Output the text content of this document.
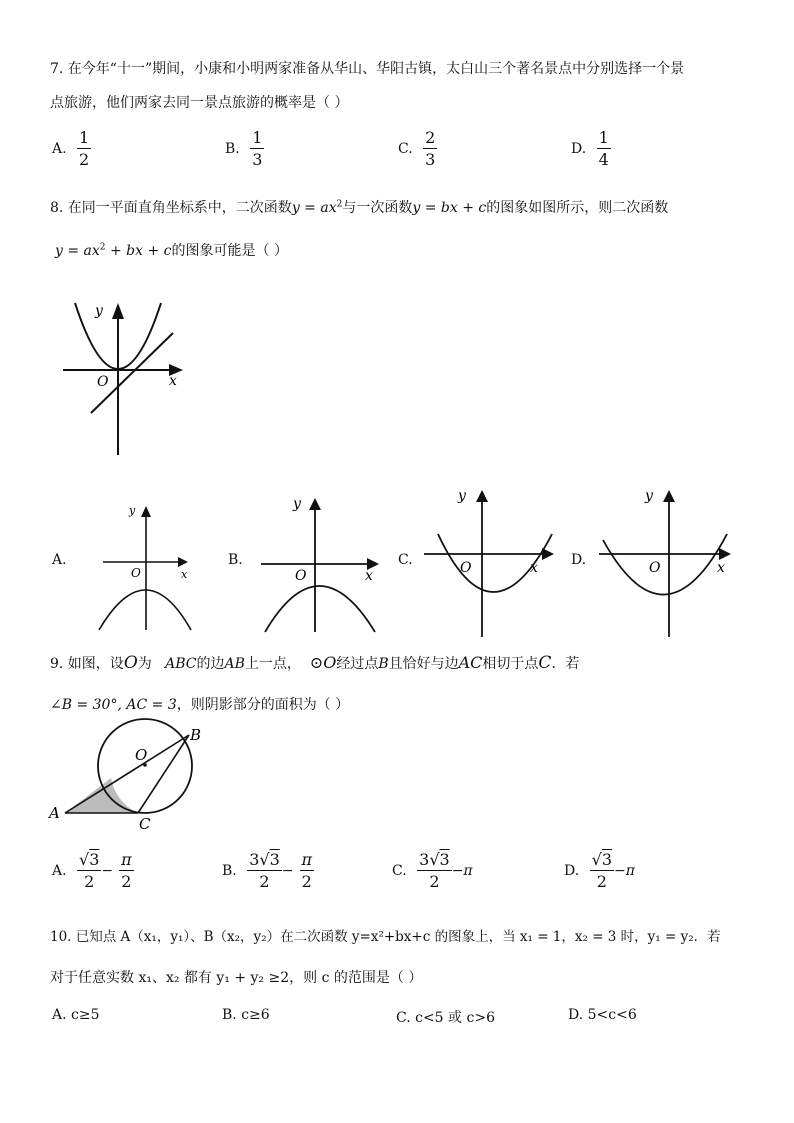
7. 在今年“十一”期间，小康和小明两家准备从华山、华阳古镇，太白山三个著名景点中分别选择一个景
点旅游，他们两家去同一景点旅游的概率是（ ）
A. $\frac{1}{2}$	B. $\frac{1}{3}$	C. $\frac{2}{3}$	D. $\frac{1}{4}$
8. 在同一平面直角坐标系中，二次函数$y = ax^2$与一次函数y = bx + c的图象如图所示，则二次函数
$y = ax^2$ + bx + c的图象可能是（ ）
y
x
O
A.
y
x
O
B.
y
x
O
C.
y
x
O	D.
y
x
O
9. 如图，设O为 ABC的边AB上一点， ⊙O经过点B且恰好与边AC相切于点C．若
∠B = 30°, AC = 3，则阴影部分的面积为（ ）
O
B
A
C
A. $\frac{√3}{2} - \frac{\pi}{2}$	B. $\frac{3√3}{2} - \frac{\pi}{2}$	C. $\frac{3√3}{2} -\pi$	D. $\frac{√3}{2} -\pi$
10. 已知点 A（x₁，y₁）、B（x₂，y₂）在二次函数 y=x²+bx+c 的图象上，当 x₁ = 1，x₂ = 3 时，y₁ = y₂．若
对于任意实数 x₁、x₂ 都有 y₁ + y₂ ≥2，则 c 的范围是（ ）
A. c≥5	B. c≥6	C. c<5 或 c>6	D. 5<c<6
